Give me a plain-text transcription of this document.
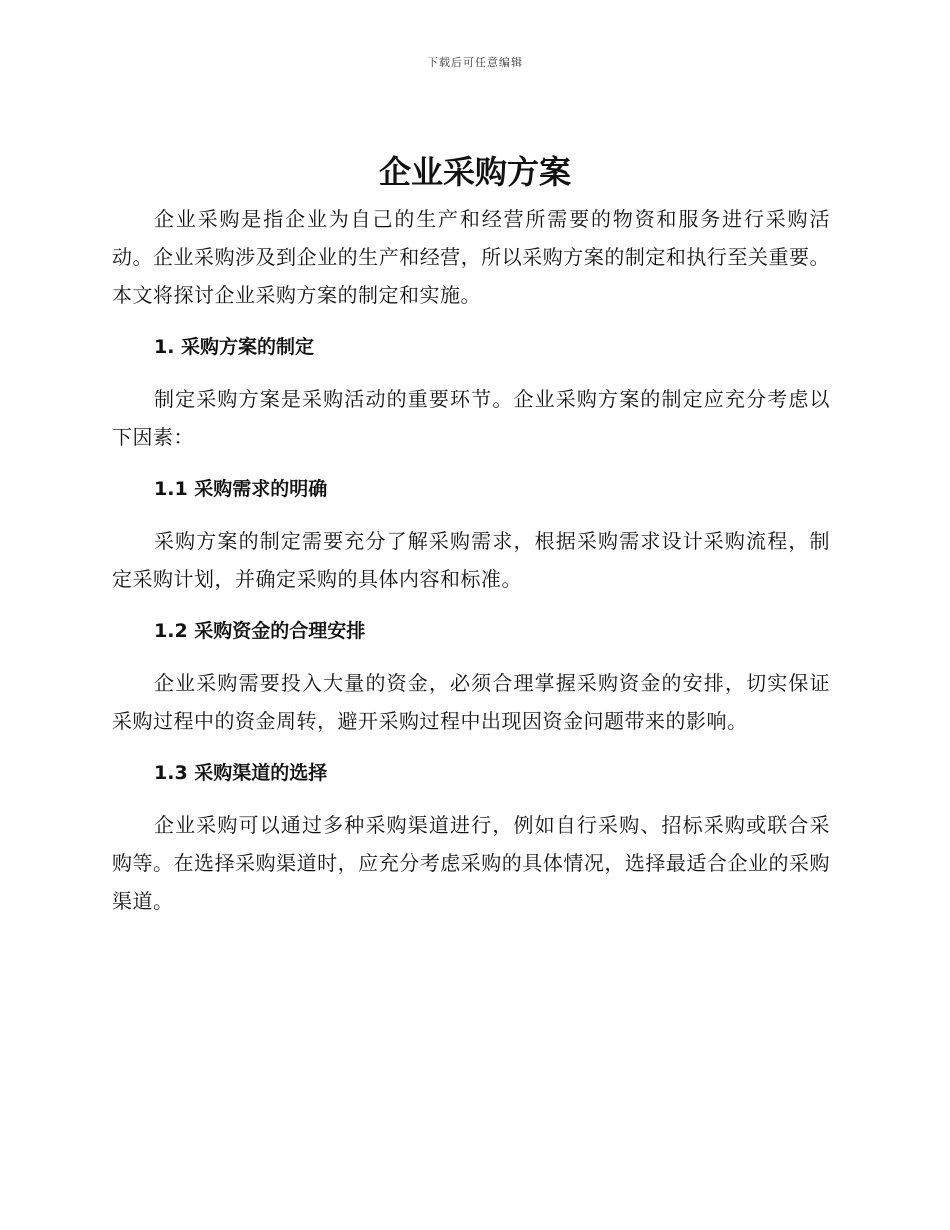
下载后可任意编辑
企业采购方案

企业采购是指企业为自己的生产和经营所需要的物资和服务进行采购活动。企业采购涉及到企业的生产和经营，所以采购方案的制定和执行至关重要。本文将探讨企业采购方案的制定和实施。

1. 采购方案的制定

制定采购方案是采购活动的重要环节。企业采购方案的制定应充分考虑以下因素：

1.1 采购需求的明确

采购方案的制定需要充分了解采购需求，根据采购需求设计采购流程，制定采购计划，并确定采购的具体内容和标准。

1.2 采购资金的合理安排

企业采购需要投入大量的资金，必须合理掌握采购资金的安排，切实保证采购过程中的资金周转，避开采购过程中出现因资金问题带来的影响。

1.3 采购渠道的选择

企业采购可以通过多种采购渠道进行，例如自行采购、招标采购或联合采购等。在选择采购渠道时，应充分考虑采购的具体情况，选择最适合企业的采购渠道。
